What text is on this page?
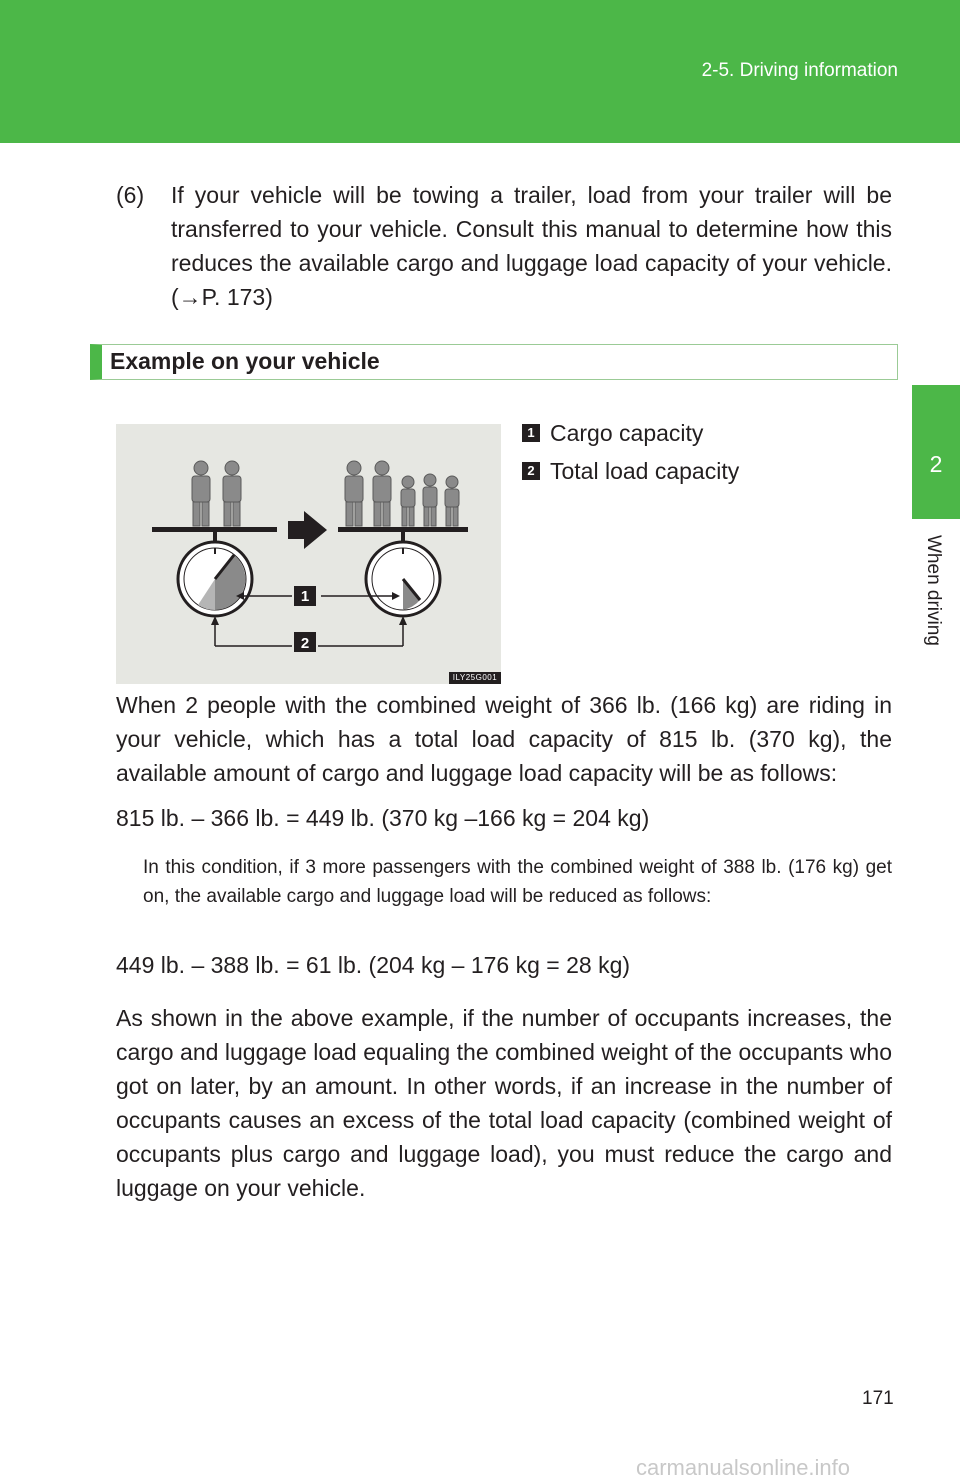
2-5. Driving information
2
When driving
(6) If your vehicle will be towing a trailer, load from your trailer will be transferred to your vehicle. Consult this manual to determine how this reduces the available cargo and luggage load capacity of your vehicle. (→P. 173)
Example on your vehicle
1
2
ILY25G001
1 Cargo capacity
2 Total load capacity
When 2 people with the combined weight of 366 lb. (166 kg) are riding in your vehicle, which has a total load capacity of 815 lb. (370 kg), the available amount of cargo and luggage load capacity will be as follows:
815 lb. – 366 lb. = 449 lb. (370 kg –166 kg = 204 kg)
In this condition, if 3 more passengers with the combined weight of 388 lb. (176 kg) get on, the available cargo and luggage load will be reduced as follows:
449 lb. – 388 lb. = 61 lb. (204 kg – 176 kg = 28 kg)
As shown in the above example, if the number of occupants increases, the cargo and luggage load equaling the combined weight of the occupants who got on later, by an amount. In other words, if an increase in the number of occupants causes an excess of the total load capacity (combined weight of occupants plus cargo and luggage load), you must reduce the cargo and luggage on your vehicle.
171
carmanualsonline.info
